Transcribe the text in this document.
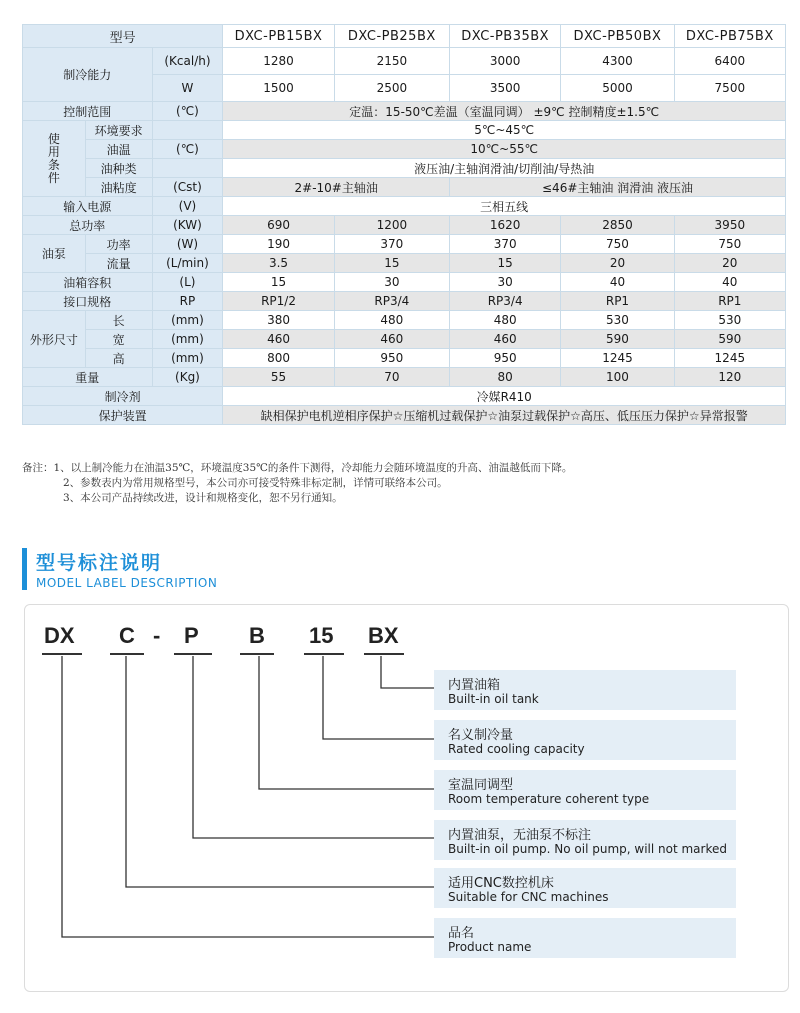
型号			DXC-PB15BX	DXC-PB25BX	DXC-PB35BX	DXC-PB50BX	DXC-PB75BX
制冷能力		(Kcal/h)	1280	2150	3000	4300	6400
		W	1500	2500	3500	5000	7500
控制范围		(℃)	定温：15-50℃差温（室温同调） ±9℃ 控制精度±1.5℃				
使
用
条
件	环境要求		5℃~45℃				
	油温	(℃)	10℃~55℃				
	油种类		液压油/主轴润滑油/切削油/导热油				
	油粘度	(Cst)	2#-10#主轴油		≤46#主轴油 润滑油 液压油		
输入电源		(V)	三相五线				
总功率		(KW)	690	1200	1620	2850	3950
油泵	功率	(W)	190	370	370	750	750
	流量	(L/min)	3.5	15	15	20	20
油箱容积		(L)	15	30	30	40	40
接口规格		RP	RP1/2	RP3/4	RP3/4	RP1	RP1
外形尺寸	长	(mm)	380	480	480	530	530
	宽	(mm)	460	460	460	590	590
	高	(mm)	800	950	950	1245	1245
重量		(Kg)	55	70	80	100	120
制冷剂			冷媒R410				
保护装置			缺相保护电机逆相序保护☆压缩机过载保护☆油泵过载保护☆高压、低压压力保护☆异常报警				
备注：1、以上制冷能力在油温35℃，环境温度35℃的条件下测得，冷却能力会随环境温度的升高、油温越低而下降。
2、参数表内为常用规格型号，本公司亦可接受特殊非标定制，详情可联络本公司。
3、本公司产品持续改进，设计和规格变化，恕不另行通知。
型号标注说明
MODEL LABEL DESCRIPTION
DX C - P B 15 BX
内置油箱
Built-in oil tank
名义制冷量
Rated cooling capacity
室温同调型
Room temperature coherent type
内置油泵，无油泵不标注
Built-in oil pump. No oil pump, will not marked
适用CNC数控机床
Suitable for CNC machines
品名
Product name
